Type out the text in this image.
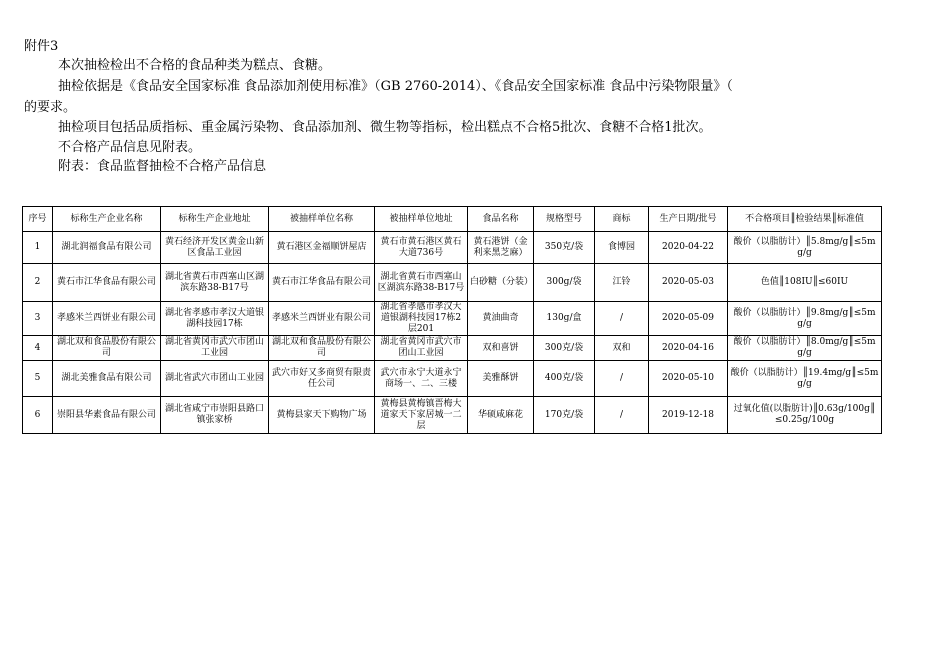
附件3
本次抽检检出不合格的食品种类为糕点、食糖。
抽检依据是《食品安全国家标准 食品添加剂使用标准》（GB 2760-2014）、《食品安全国家标准 食品中污染物限量》（
的要求。
抽检项目包括品质指标、重金属污染物、食品添加剂、微生物等指标，检出糕点不合格5批次、食糖不合格1批次。
不合格产品信息见附表。
附表：食品监督抽检不合格产品信息
序号	标称生产企业名称	标称生产企业地址	被抽样单位名称	被抽样单位地址	食品名称	规格型号	商标	生产日期/批号	不合格项目║检验结果║标准值
1	湖北润福食品有限公司	黄石经济开发区黄金山新区食品工业园	黄石港区金福顺饼屋店	黄石市黄石港区黄石大道736号	黄石港饼（金利来黑芝麻）	350克/袋	食博园	2020-04-22	酸价（以脂肪计）║5.8mg/g║≤5mg/g
2	黄石市江华食品有限公司	湖北省黄石市西塞山区湖滨东路38-B17号	黄石市江华食品有限公司	湖北省黄石市西塞山区湖滨东路38-B17号	白砂糖（分装）	300g/袋	江铃	2020-05-03	色值║108IU║≤60IU
3	孝感米兰西饼业有限公司	湖北省孝感市孝汉大道银湖科技园17栋	孝感米兰西饼业有限公司	湖北省孝感市孝汉大道银湖科技园17栋2层201	黄油曲奇	130g/盒	/	2020-05-09	酸价（以脂肪计）║9.8mg/g║≤5mg/g
4	湖北双和食品股份有限公司	湖北省黄冈市武穴市团山工业园	湖北双和食品股份有限公司	湖北省黄冈市武穴市团山工业园	双和喜饼	300克/袋	双和	2020-04-16	酸价（以脂肪计）║8.0mg/g║≤5mg/g
5	湖北美雅食品有限公司	湖北省武穴市团山工业园	武穴市好又多商贸有限责任公司	武穴市永宁大道永宁商场一、二、三楼	美雅酥饼	400克/袋	/	2020-05-10	酸价（以脂肪计）║19.4mg/g║≤5mg/g
6	崇阳县华素食品有限公司	湖北省咸宁市崇阳县路口镇张家桥	黄梅县家天下购物广场	黄梅县黄梅镇晋梅大道家天下家居城一二层	华硕咸麻花	170克/袋	/	2019-12-18	过氧化值(以脂肪计)║0.63g/100g║≤0.25g/100g
